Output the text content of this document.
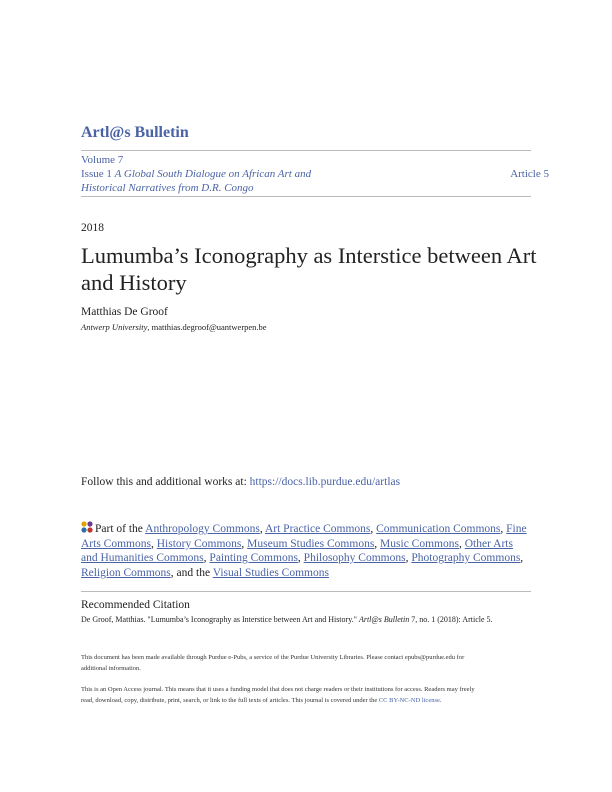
Artl@s Bulletin
Volume 7
Issue 1 A Global South Dialogue on African Art and
Historical Narratives from D.R. Congo
Article 5
2018
Lumumba’s Iconography as Interstice between Art
and History
Matthias De Groof
Antwerp University, matthias.degroof@uantwerpen.be
Follow this and additional works at: https://docs.lib.purdue.edu/artlas
Part of the Anthropology Commons, Art Practice Commons, Communication Commons, Fine Arts Commons, History Commons, Museum Studies Commons, Music Commons, Other Arts and Humanities Commons, Painting Commons, Philosophy Commons, Photography Commons, Religion Commons, and the Visual Studies Commons
Recommended Citation
De Groof, Matthias. "Lumumba’s Iconography as Interstice between Art and History." Artl@s Bulletin 7, no. 1 (2018): Article 5.
This document has been made available through Purdue e-Pubs, a service of the Purdue University Libraries. Please contact epubs@purdue.edu for
additional information.
This is an Open Access journal. This means that it uses a funding model that does not charge readers or their institutions for access. Readers may freely
read, download, copy, distribute, print, search, or link to the full texts of articles. This journal is covered under the CC BY-NC-ND license.
